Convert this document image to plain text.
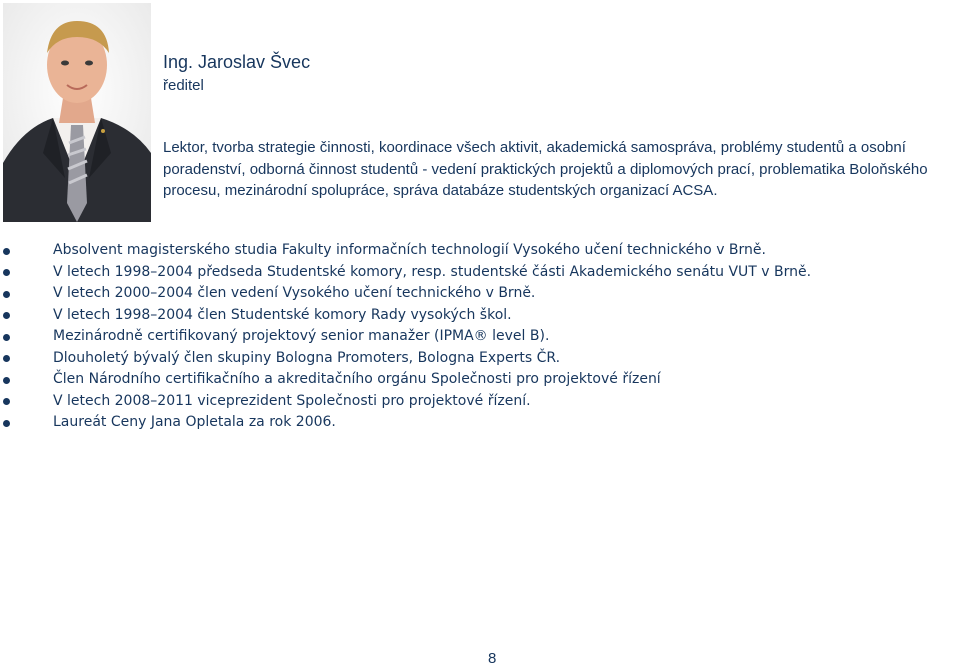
Ing. Jaroslav Švec
ředitel
Lektor, tvorba strategie činnosti, koordinace všech aktivit, akademická samospráva, problémy studentů a osobní
poradenství, odborná činnost studentů - vedení praktických projektů a diplomových prací, problematika Boloňského
procesu, mezinárodní spolupráce, správa databáze studentských organizací ACSA.
Absolvent magisterského studia Fakulty informačních technologií Vysokého učení technického v Brně.
V letech 1998–2004 předseda Studentské komory, resp. studentské části Akademického senátu VUT v Brně.
V letech 2000–2004 člen vedení Vysokého učení technického v Brně.
V letech 1998–2004 člen Studentské komory Rady vysokých škol.
Mezinárodně certifikovaný projektový senior manažer (IPMA® level B).
Dlouholetý bývalý člen skupiny Bologna Promoters, Bologna Experts ČR.
Člen Národního certifikačního a akreditačního orgánu Společnosti pro projektové řízení
V letech 2008–2011 viceprezident Společnosti pro projektové řízení.
Laureát Ceny Jana Opletala za rok 2006.
8
